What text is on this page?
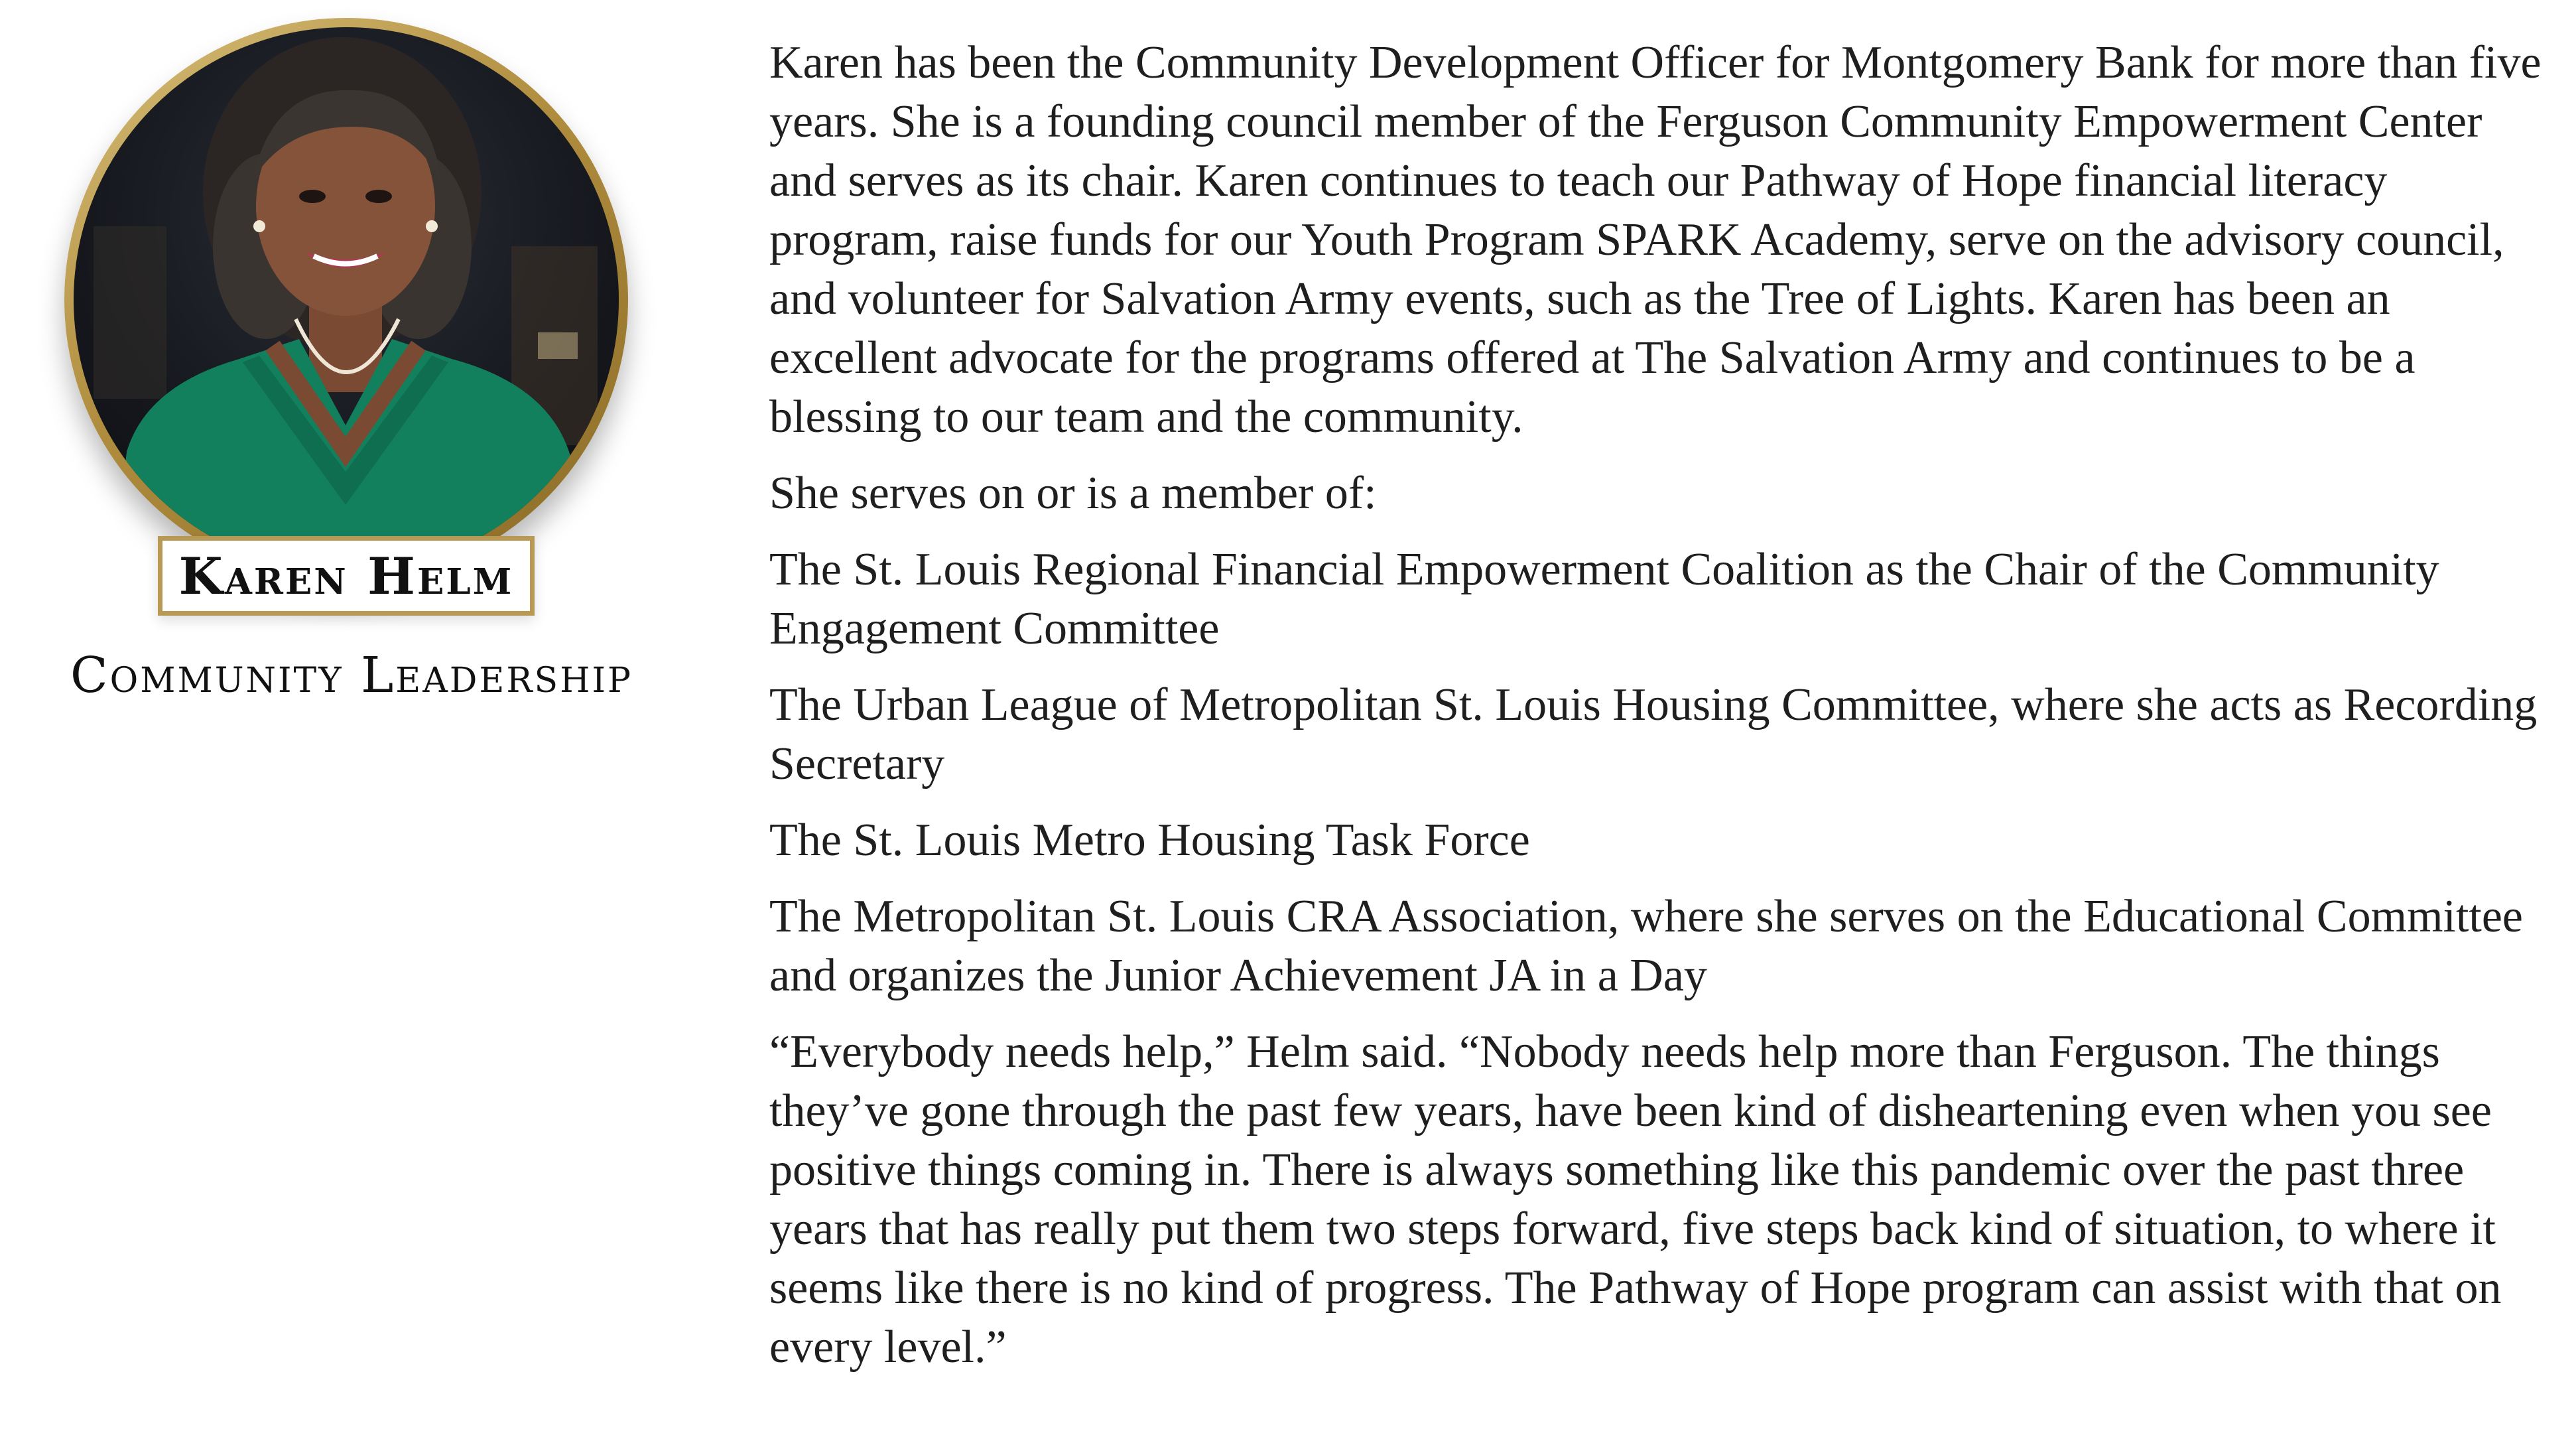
Karen Helm
Community Leadership

Karen has been the Community Development Officer for Montgomery Bank for more than five years. She is a founding council member of the Ferguson Community Empowerment Center and serves as its chair. Karen continues to teach our Pathway of Hope financial literacy program, raise funds for our Youth Program SPARK Academy, serve on the advisory council, and volunteer for Salvation Army events, such as the Tree of Lights. Karen has been an excellent advocate for the programs offered at The Salvation Army and continues to be a blessing to our team and the community.

She serves on or is a member of:

The St. Louis Regional Financial Empowerment Coalition as the Chair of the Community Engagement Committee

The Urban League of Metropolitan St. Louis Housing Committee, where she acts as Recording Secretary

The St. Louis Metro Housing Task Force

The Metropolitan St. Louis CRA Association, where she serves on the Educational Committee and organizes the Junior Achievement JA in a Day

“Everybody needs help,” Helm said. “Nobody needs help more than Ferguson. The things they’ve gone through the past few years, have been kind of disheartening even when you see positive things coming in. There is always something like this pandemic over the past three years that has really put them two steps forward, five steps back kind of situation, to where it seems like there is no kind of progress. The Pathway of Hope program can assist with that on every level.”
